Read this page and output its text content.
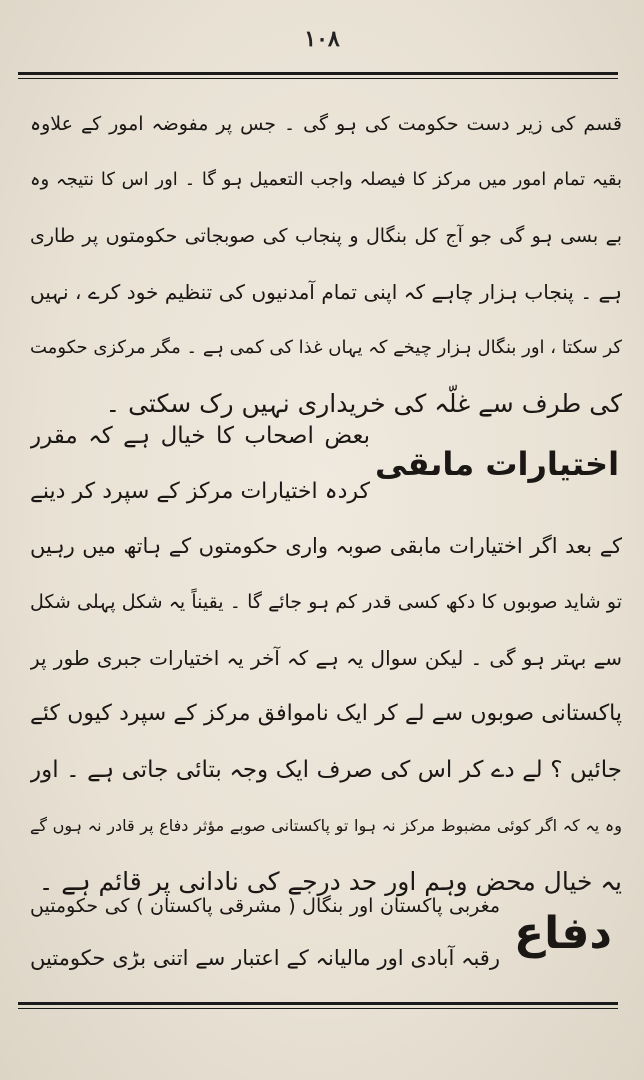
۱۰۸
قسم کی زیر دست حکومت کی ہو گی ۔ جس پر مفوضہ امور کے علاوہ
بقیہ تمام امور میں مرکز کا فیصلہ واجب التعمیل ہو گا ۔ اور اس کا نتیجہ وہ
بے بسی ہو گی جو آج کل بنگال و پنجاب کی صوبجاتی حکومتوں پر طاری
ہے ۔ پنجاب ہزار چاہے کہ اپنی تمام آمدنیوں کی تنظیم خود کرے ، نہیں
کر سکتا ، اور بنگال ہزار چیخے کہ یہاں غذا کی کمی ہے ۔ مگر مرکزی حکومت
کی طرف سے غلّہ کی خریداری نہیں رک سکتی ۔
اختیارات ماںقی
بعض اصحاب کا خیال ہے کہ مقرر
کردہ اختیارات مرکز کے سپرد کر دینے
کے بعد اگر اختیارات مابقی صوبہ واری حکومتوں کے ہاتھ میں رہیں
تو شاید صوبوں کا دکھ کسی قدر کم ہو جائے گا ۔ یقیناً یہ شکل پہلی شکل
سے بہتر ہو گی ۔ لیکن سوال یہ ہے کہ آخر یہ اختیارات جبری طور پر
پاکستانی صوبوں سے لے کر ایک ناموافق مرکز کے سپرد کیوں کئے
جائیں ؟ لے دے کر اس کی صرف ایک وجہ بتائی جاتی ہے ۔ اور
وہ یہ کہ اگر کوئی مضبوط مرکز نہ ہوا تو پاکستانی صوبے مؤثر دفاع پر قادر نہ ہوں گے
یہ خیال محض وہم اور حد درجے کی نادانی پر قائم ہے ۔
دفاع
مغربی پاکستان اور بنگال ( مشرقی پاکستان ) کی حکومتیں
رقبہ آبادی اور مالیانہ کے اعتبار سے اتنی بڑی حکومتیں
